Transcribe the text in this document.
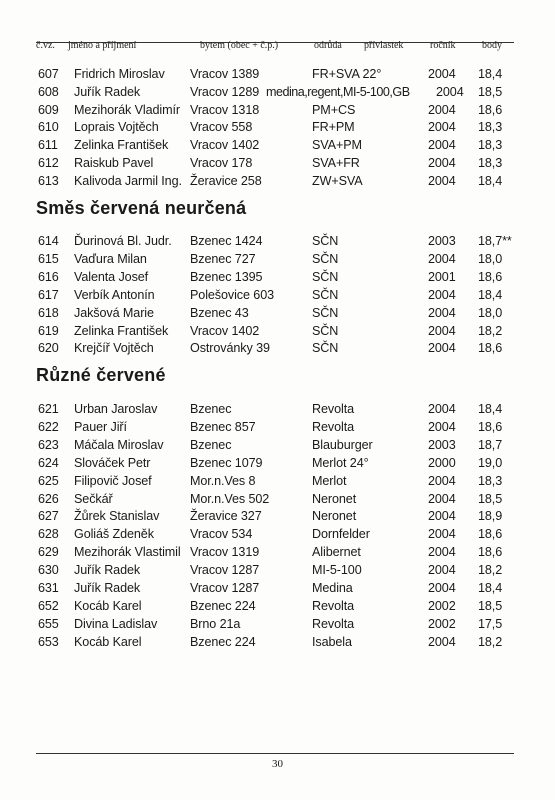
č.vz. jméno a příjmení	bytem (obec + č.p.)	odrůda přívlastek	ročník	body
607 Fridrich Miroslav Vracov 1389	FR+SVA 22°	2004 18,4
608 Juřík Radek	Vracov 1289 medina,regent,MI-5-100,GB 2004 18,5
609 Mezihorák Vladimír Vracov 1318	PM+CS	2004 18,6
610 Loprais Vojtěch Vracov 558	FR+PM	2004 18,3
611 Zelinka František Vracov 1402	SVA+PM	2004 18,3
612 Raiskub Pavel	Vracov 178	SVA+FR	2004 18,3
613 Kalivoda Jarmil Ing. Žeravice 258	ZW+SVA	2004 18,4
Směs červená neurčená
614 Ďurinová Bl. Judr. Bzenec 1424	SČN	2003 18,7**
615 Vaďura Milan	Bzenec 727	SČN	2004 18,0
616 Valenta Josef	Bzenec 1395	SČN	2001 18,6
617 Verbík Antonín	Polešovice 603	SČN	2004 18,4
618 Jakšová Marie	Bzenec 43	SČN	2004 18,0
619 Zelinka František Vracov 1402	SČN	2004 18,2
620 Krejčíř Vojtěch	Ostrovánky 39	SČN	2004 18,6
Různé červené
621 Urban Jaroslav	Bzenec	Revolta	2004 18,4
622 Pauer Jiří	Bzenec 857	Revolta	2004 18,6
623 Máčala Miroslav Bzenec	Blauburger	2003 18,7
624 Slováček Petr	Bzenec 1079	Merlot 24°	2000 19,0
625 Filipovič Josef	Mor.n.Ves 8	Merlot	2004 18,3
626 Sečkář	Mor.n.Ves 502	Neronet	2004 18,5
627 Žůrek Stanislav Žeravice 327	Neronet	2004 18,9
628 Goliáš Zdeněk	Vracov 534	Dornfelder	2004 18,6
629 Mezihorák Vlastimil Vracov 1319	Alibernet	2004 18,6
630 Juřík Radek	Vracov 1287	MI-5-100	2004 18,2
631 Juřík Radek	Vracov 1287	Medina	2004 18,4
652 Kocáb Karel	Bzenec 224	Revolta	2002 18,5
655 Divina Ladislav	Brno 21a	Revolta	2002 17,5
653 Kocáb Karel	Bzenec 224	Isabela	2004 18,2
30
